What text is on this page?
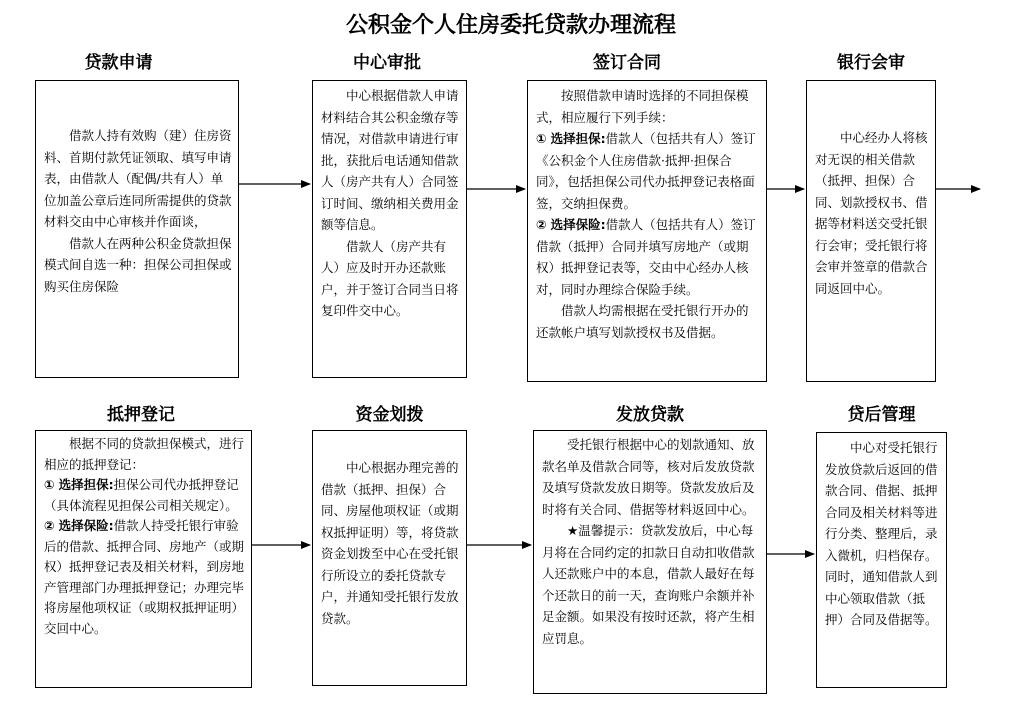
公积金个人住房委托贷款办理流程
贷款申请

借款人持有效购（建）住房资料、首期付款凭证领取、填写申请表，由借款人（配偶/共有人）单位加盖公章后连同所需提供的贷款材料交由中心审核并作面谈，

借款人在两种公积金贷款担保模式间自选一种：担保公司担保或购买住房保险

中心审批

中心根据借款人申请材料结合其公积金缴存等情况，对借款申请进行审批，获批后电话通知借款人（房产共有人）合同签订时间、缴纳相关费用金额等信息。

借款人（房产共有人）应及时开办还款账户，并于签订合同当日将复印件交中心。

签订合同

按照借款申请时选择的不同担保模式，相应履行下列手续：

① 选择担保:借款人（包括共有人）签订《公积金个人住房借款·抵押·担保合同》，包括担保公司代办抵押登记表格面签，交纳担保费。

② 选择保险:借款人（包括共有人）签订借款（抵押）合同并填写房地产（或期权）抵押登记表等，交由中心经办人核对，同时办理综合保险手续。

借款人均需根据在受托银行开办的还款帐户填写划款授权书及借据。

银行会审

中心经办人将核对无误的相关借款（抵押、担保）合同、划款授权书、借据等材料送交受托银行会审；受托银行将会审并签章的借款合同返回中心。

抵押登记

根据不同的贷款担保模式，进行相应的抵押登记：

① 选择担保:担保公司代办抵押登记（具体流程见担保公司相关规定）。

② 选择保险:借款人持受托银行审验后的借款、抵押合同、房地产（或期权）抵押登记表及相关材料，到房地产管理部门办理抵押登记；办理完毕将房屋他项权证（或期权抵押证明）交回中心。

资金划拨

中心根据办理完善的借款（抵押、担保）合同、房屋他项权证（或期权抵押证明）等，将贷款资金划拨至中心在受托银行所设立的委托贷款专户，并通知受托银行发放贷款。

发放贷款

受托银行根据中心的划款通知、放款名单及借款合同等，核对后发放贷款及填写贷款发放日期等。贷款发放后及时将有关合同、借据等材料返回中心。

★温馨提示：贷款发放后，中心每月将在合同约定的扣款日自动扣收借款人还款账户中的本息，借款人最好在每个还款日的前一天，查询账户余额并补足金额。如果没有按时还款，将产生相应罚息。

贷后管理

中心对受托银行发放贷款后返回的借款合同、借据、抵押合同及相关材料等进行分类、整理后，录入微机，归档保存。同时，通知借款人到中心领取借款（抵押）合同及借据等。
